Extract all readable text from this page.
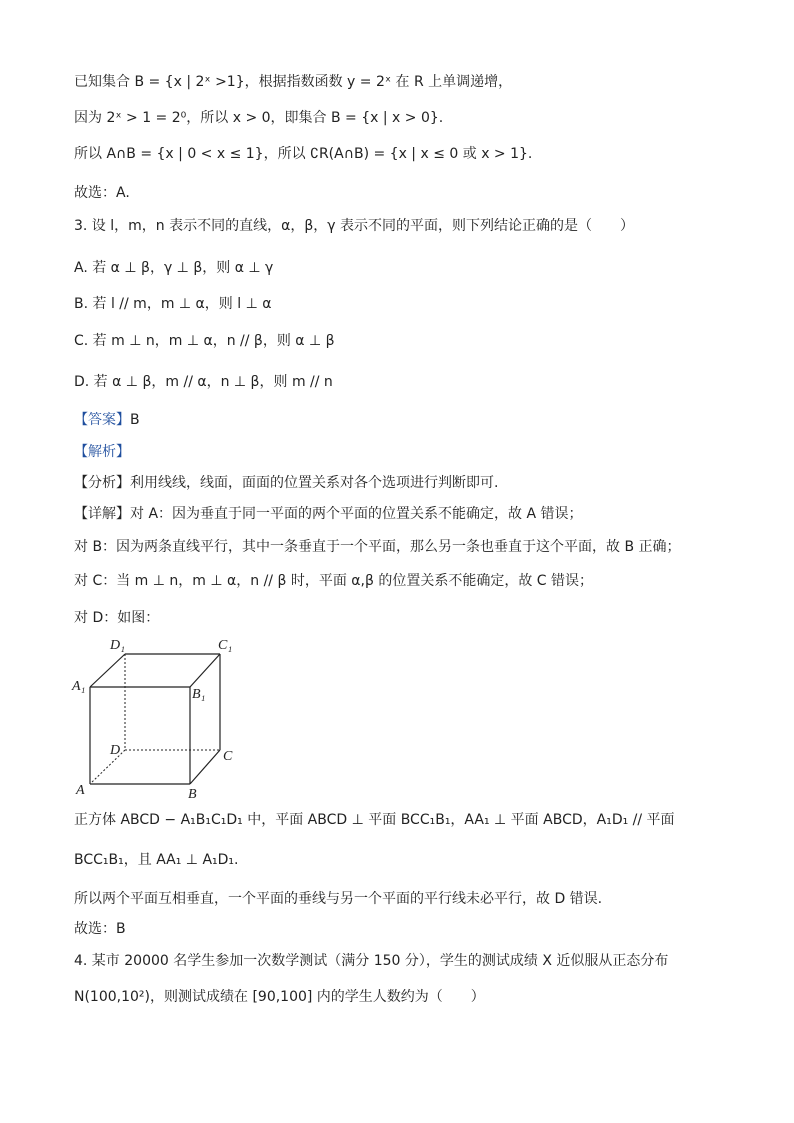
已知集合 B = {x | 2ˣ >1}，根据指数函数 y = 2ˣ 在 R 上单调递增，
因为 2ˣ > 1 = 2⁰，所以 x > 0，即集合 B = {x | x > 0}.
所以 A∩B = {x | 0 < x ≤ 1}，所以 ∁R(A∩B) = {x | x ≤ 0 或 x > 1}.
故选：A.
3. 设 l，m，n 表示不同的直线，α，β，γ 表示不同的平面，则下列结论正确的是（　　）
A. 若 α ⊥ β，γ ⊥ β，则 α ⊥ γ
B. 若 l // m，m ⊥ α，则 l ⊥ α
C. 若 m ⊥ n，m ⊥ α，n // β，则 α ⊥ β
D. 若 α ⊥ β，m // α，n ⊥ β，则 m // n
【答案】B
【解析】
【分析】利用线线，线面，面面的位置关系对各个选项进行判断即可.
【详解】对 A：因为垂直于同一平面的两个平面的位置关系不能确定，故 A 错误；
对 B：因为两条直线平行，其中一条垂直于一个平面，那么另一条也垂直于这个平面，故 B 正确；
对 C：当 m ⊥ n，m ⊥ α，n // β 时，平面 α,β 的位置关系不能确定，故 C 错误；
对 D：如图：
D₁	C₁
A₁
B₁
D	C
A	B
正方体 ABCD − A₁B₁C₁D₁ 中，平面 ABCD ⊥ 平面 BCC₁B₁，AA₁ ⊥ 平面 ABCD，A₁D₁ // 平面
BCC₁B₁，且 AA₁ ⊥ A₁D₁.
所以两个平面互相垂直，一个平面的垂线与另一个平面的平行线未必平行，故 D 错误.
故选：B
4. 某市 20000 名学生参加一次数学测试（满分 150 分），学生的测试成绩 X 近似服从正态分布
N(100,10²)，则测试成绩在 [90,100] 内的学生人数约为（　　）
